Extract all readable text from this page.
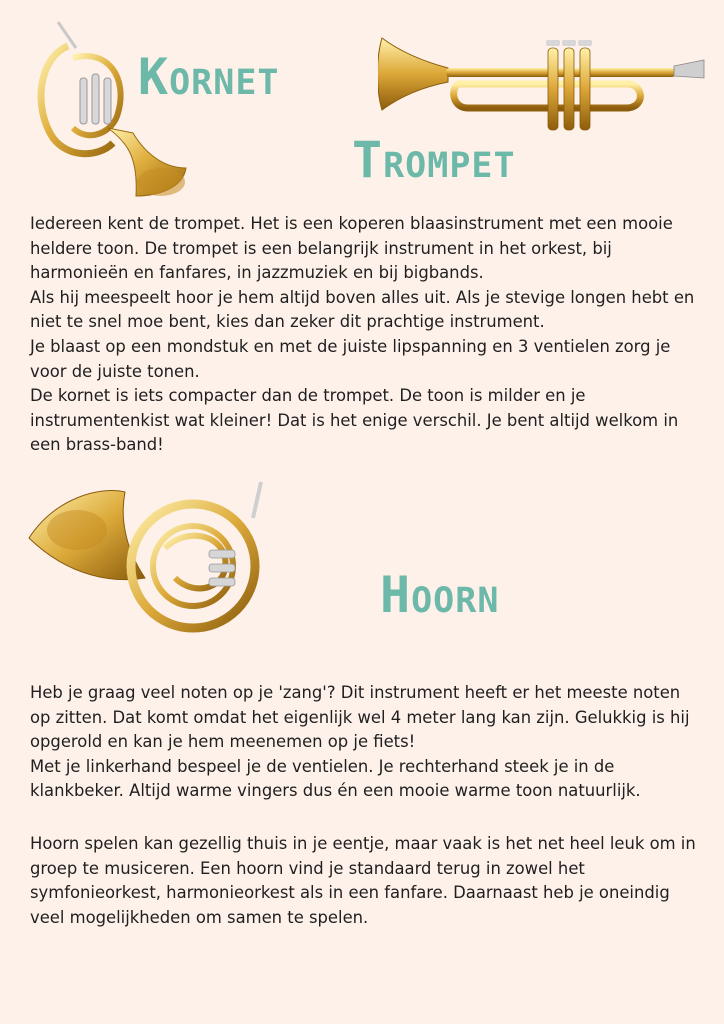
Kornet
Trompet

Iedereen kent de trompet. Het is een koperen blaasinstrument met een mooie heldere toon. De trompet is een belangrijk instrument in het orkest, bij harmonieën en fanfares, in jazzmuziek en bij bigbands.

Als hij meespeelt hoor je hem altijd boven alles uit. Als je stevige longen hebt en niet te snel moe bent, kies dan zeker dit prachtige instrument.

Je blaast op een mondstuk en met de juiste lipspanning en 3 ventielen zorg je voor de juiste tonen.

De kornet is iets compacter dan de trompet. De toon is milder en je instrumentenkist wat kleiner! Dat is het enige verschil. Je bent altijd welkom in een brass-band!

Hoorn

Heb je graag veel noten op je 'zang'? Dit instrument heeft er het meeste noten op zitten. Dat komt omdat het eigenlijk wel 4 meter lang kan zijn. Gelukkig is hij opgerold en kan je hem meenemen op je fiets!

Met je linkerhand bespeel je de ventielen. Je rechterhand steek je in de klankbeker. Altijd warme vingers dus én een mooie warme toon natuurlijk.

Hoorn spelen kan gezellig thuis in je eentje, maar vaak is het net heel leuk om in groep te musiceren. Een hoorn vind je standaard terug in zowel het symfonieorkest, harmonieorkest als in een fanfare. Daarnaast heb je oneindig veel mogelijkheden om samen te spelen.
